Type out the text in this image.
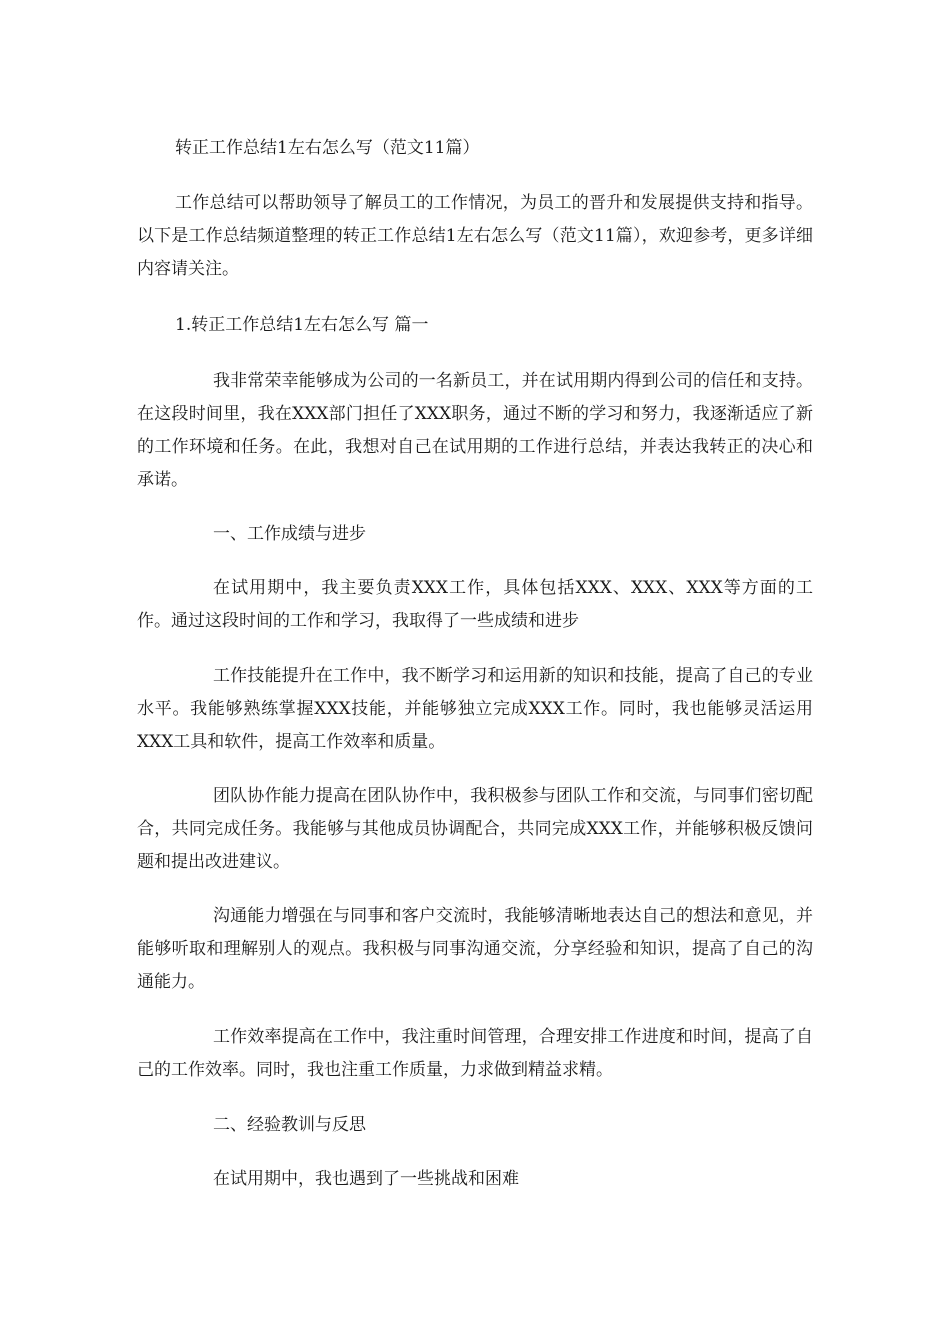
转正工作总结1左右怎么写（范文11篇）

工作总结可以帮助领导了解员工的工作情况，为员工的晋升和发展提供支持和指导。以下是工作总结频道整理的转正工作总结1左右怎么写（范文11篇），欢迎参考，更多详细内容请关注。

1.转正工作总结1左右怎么写 篇一

我非常荣幸能够成为公司的一名新员工，并在试用期内得到公司的信任和支持。在这段时间里，我在XXX部门担任了XXX职务，通过不断的学习和努力，我逐渐适应了新的工作环境和任务。在此，我想对自己在试用期的工作进行总结，并表达我转正的决心和承诺。

一、工作成绩与进步

在试用期中，我主要负责XXX工作，具体包括XXX、XXX、XXX等方面的工作。通过这段时间的工作和学习，我取得了一些成绩和进步

工作技能提升在工作中，我不断学习和运用新的知识和技能，提高了自己的专业水平。我能够熟练掌握XXX技能，并能够独立完成XXX工作。同时，我也能够灵活运用XXX工具和软件，提高工作效率和质量。

团队协作能力提高在团队协作中，我积极参与团队工作和交流，与同事们密切配合，共同完成任务。我能够与其他成员协调配合，共同完成XXX工作，并能够积极反馈问题和提出改进建议。

沟通能力增强在与同事和客户交流时，我能够清晰地表达自己的想法和意见，并能够听取和理解别人的观点。我积极与同事沟通交流，分享经验和知识，提高了自己的沟通能力。

工作效率提高在工作中，我注重时间管理，合理安排工作进度和时间，提高了自己的工作效率。同时，我也注重工作质量，力求做到精益求精。

二、经验教训与反思

在试用期中，我也遇到了一些挑战和困难
